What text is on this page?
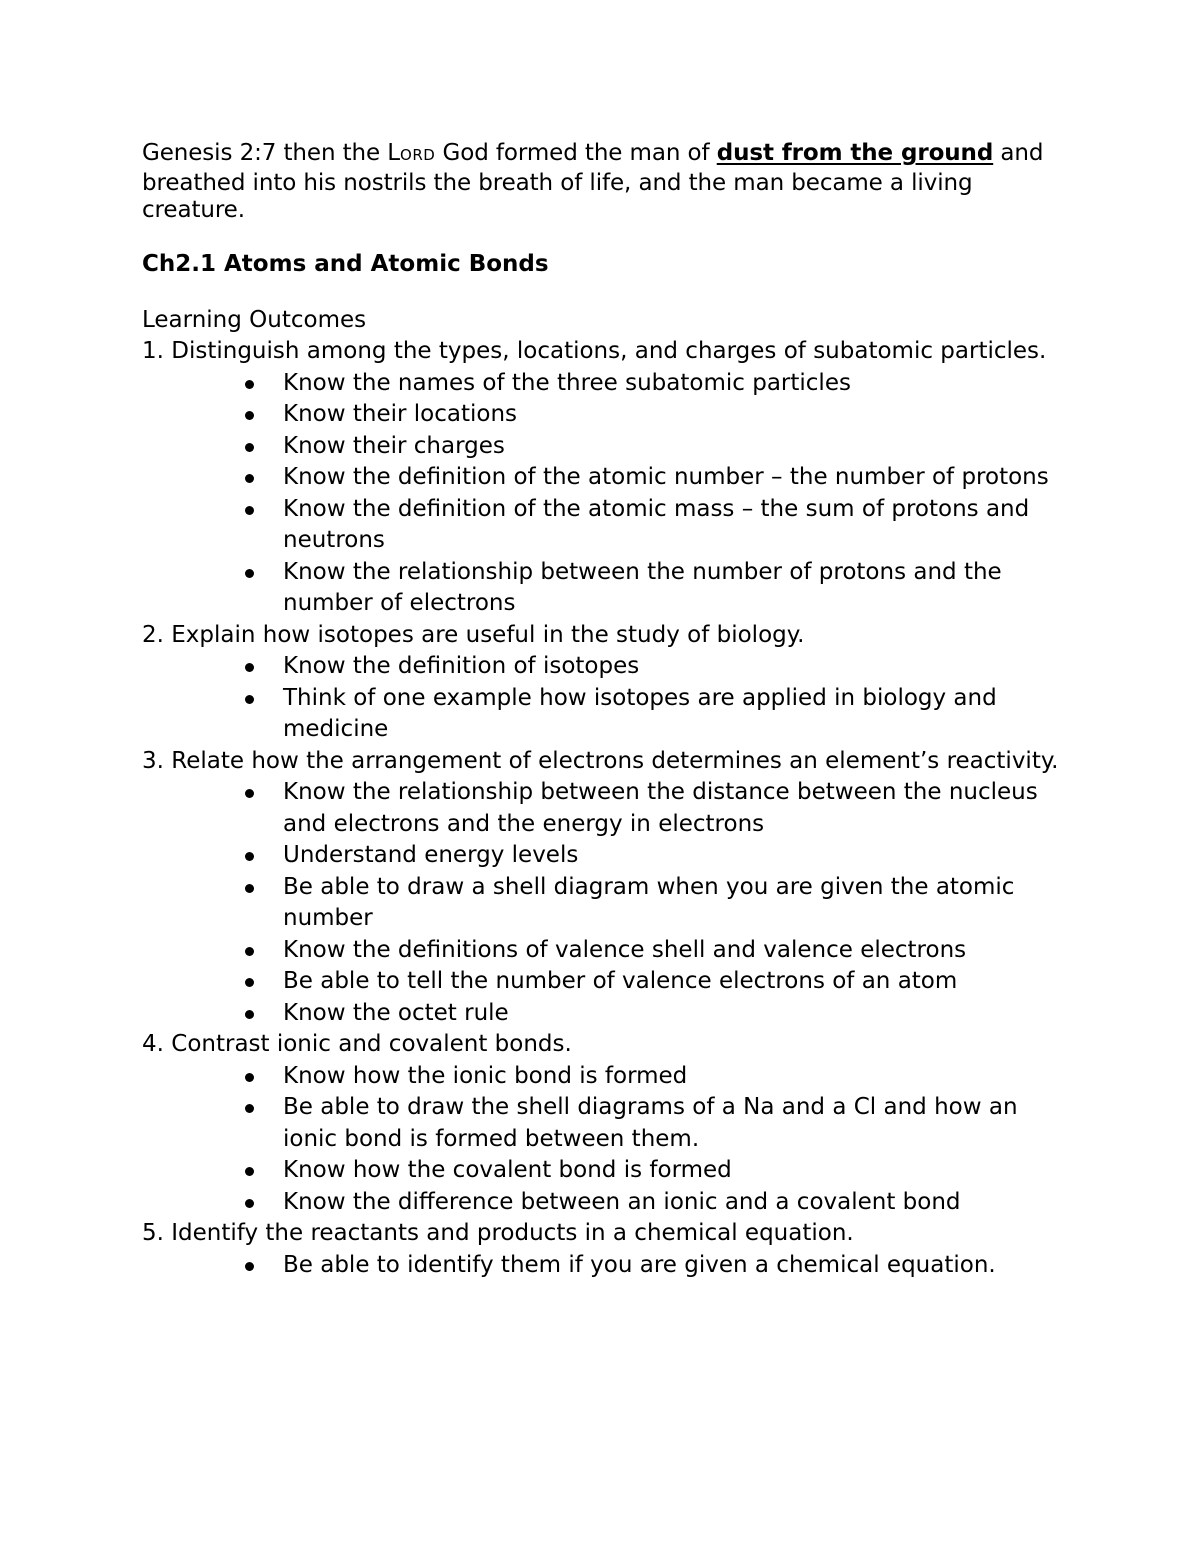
Genesis 2:7 then the LORD God formed the man of dust from the ground and breathed into his nostrils the breath of life, and the man became a living creature.

Ch2.1 Atoms and Atomic Bonds

Learning Outcomes

1. Distinguish among the types, locations, and charges of subatomic particles.

Know the names of the three subatomic particles
Know their locations
Know their charges
Know the definition of the atomic number – the number of protons
Know the definition of the atomic mass – the sum of protons and neutrons
Know the relationship between the number of protons and the number of electrons

2. Explain how isotopes are useful in the study of biology.

Know the definition of isotopes
Think of one example how isotopes are applied in biology and medicine

3. Relate how the arrangement of electrons determines an element’s reactivity.

Know the relationship between the distance between the nucleus and electrons and the energy in electrons
Understand energy levels
Be able to draw a shell diagram when you are given the atomic number
Know the definitions of valence shell and valence electrons
Be able to tell the number of valence electrons of an atom
Know the octet rule

4. Contrast ionic and covalent bonds.

Know how the ionic bond is formed
Be able to draw the shell diagrams of a Na and a Cl and how an ionic bond is formed between them.
Know how the covalent bond is formed
Know the difference between an ionic and a covalent bond

5. Identify the reactants and products in a chemical equation.

Be able to identify them if you are given a chemical equation.
